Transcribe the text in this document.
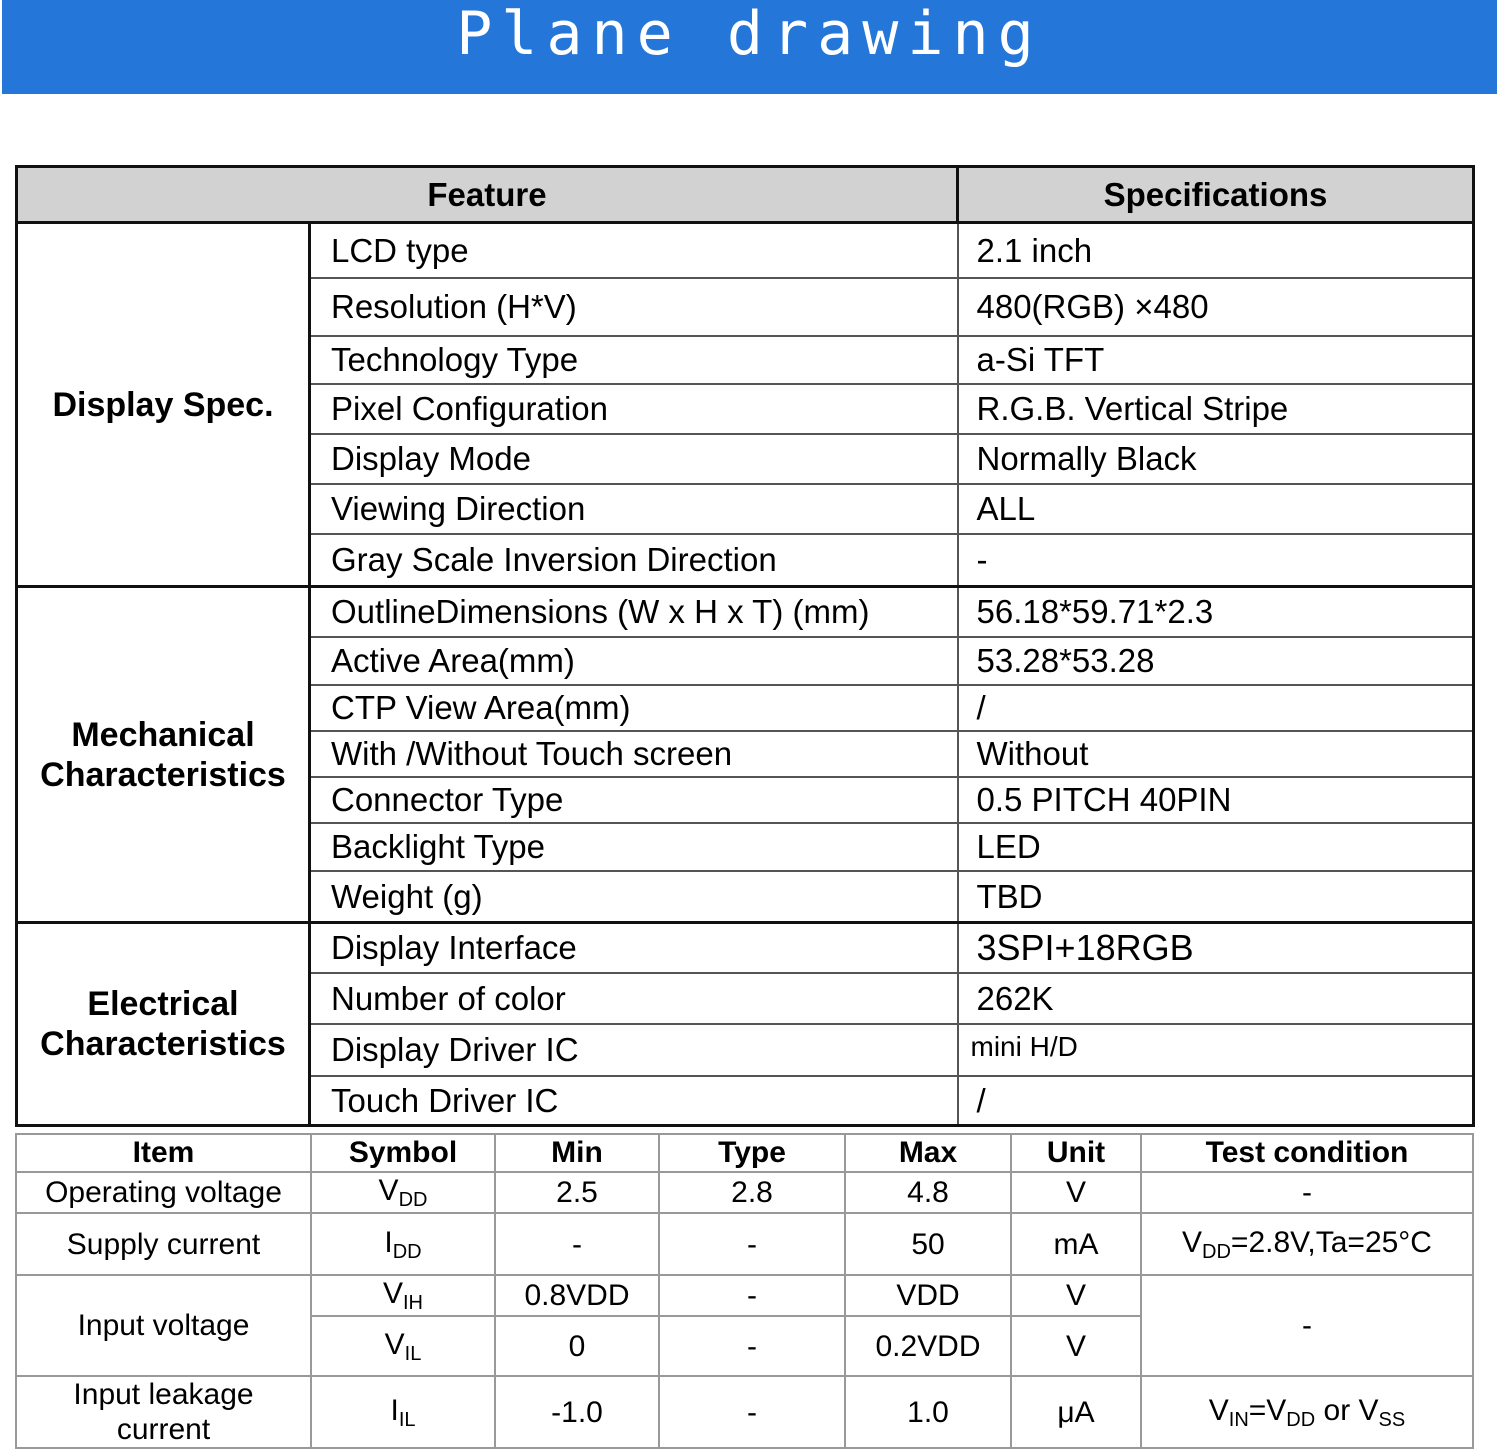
Plane drawing
Feature		Specifications
Display Spec.	LCD type	2.1 inch
	Resolution (H*V)	480(RGB) ×480
	Technology Type	a-Si TFT
	Pixel Configuration	R.G.B. Vertical Stripe
	Display Mode	Normally Black
	Viewing Direction	ALL
	Gray Scale Inversion Direction	-
Mechanical
Characteristics	OutlineDimensions (W x H x T) (mm)	56.18*59.71*2.3
	Active Area(mm)	53.28*53.28
	CTP View Area(mm)	/
	With /Without Touch screen	Without
	Connector Type	0.5 PITCH 40PIN
	Backlight Type	LED
	Weight (g)	TBD
Electrical
Characteristics	Display Interface	3SPI+18RGB
	Number of color	262K
	Display Driver IC	mini H/D
	Touch Driver IC	/
Item	Symbol	Min	Type	Max	Unit	Test condition
Operating voltage	$V_{DD}$	2.5	2.8	4.8	V	-
Supply current	$I_{DD}$	-	-	50	mA	$V_{DD}=2.8V,Ta=25^\circ C$
Input voltage	$V_{IH}$	0.8VDD	-	VDD	V	-
	$V_{IL}$	0	-	0.2VDD	V	
Input leakage
current	$I_{IL}$	-1.0	-	1.0	μA	$V_{IN}=V_{DD}$ or $V_{SS}$
